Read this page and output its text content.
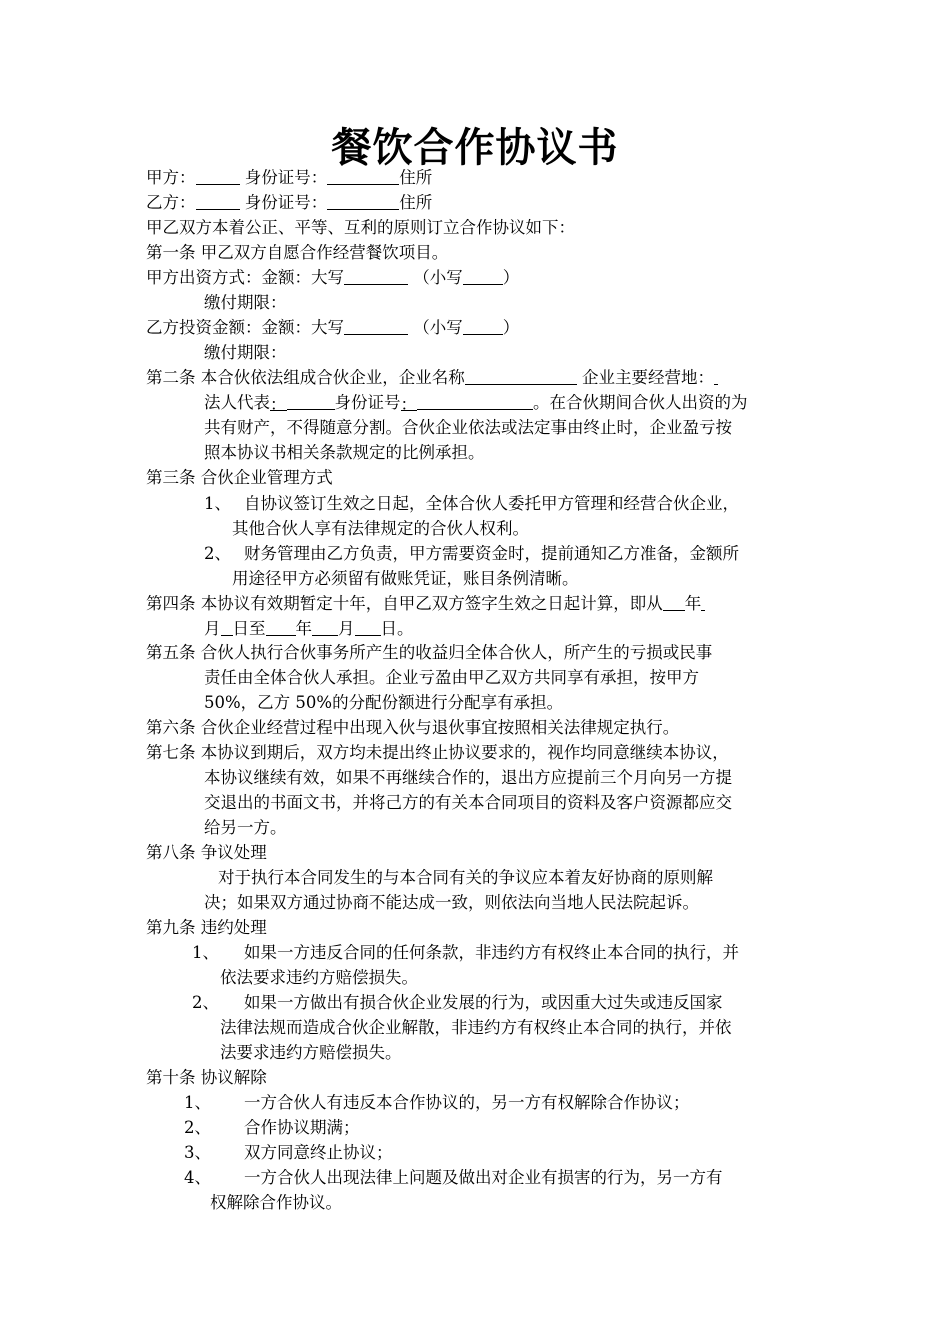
餐饮合作协议书
甲方：	身份证号：	住所
乙方：	身份证号：	住所
甲乙双方本着公正、平等、互利的原则订立合作协议如下：
第一条 甲乙双方自愿合作经营餐饮项目。
甲方出资方式：金额：大写	（小写 ）
缴付期限：
乙方投资金额：金额：大写	（小写 ）
缴付期限：
第二条 本合伙依法组成合伙企业，企业名称	企业主要经营地：
法人代表：	身份证号：	。在合伙期间合伙人出资的为
共有财产，不得随意分割。合伙企业依法或法定事由终止时，企业盈亏按
照本协议书相关条款规定的比例承担。
第三条 合伙企业管理方式
1、 自协议签订生效之日起，全体合伙人委托甲方管理和经营合伙企业，
其他合伙人享有法律规定的合伙人权利。
2、 财务管理由乙方负责，甲方需要资金时，提前通知乙方准备，金额所
用途径甲方必须留有做账凭证，账目条例清晰。
第四条 本协议有效期暂定十年，自甲乙双方签字生效之日起计算，即从 年
月 日至 年 月 日。
第五条 合伙人执行合伙事务所产生的收益归全体合伙人，所产生的亏损或民事
责任由全体合伙人承担。企业亏盈由甲乙双方共同享有承担，按甲方
50%，乙方 50%的分配份额进行分配享有承担。
第六条 合伙企业经营过程中出现入伙与退伙事宜按照相关法律规定执行。
第七条 本协议到期后，双方均未提出终止协议要求的，视作均同意继续本协议，
本协议继续有效，如果不再继续合作的，退出方应提前三个月向另一方提
交退出的书面文书，并将己方的有关本合同项目的资料及客户资源都应交
给另一方。
第八条 争议处理
对于执行本合同发生的与本合同有关的争议应本着友好协商的原则解
决；如果双方通过协商不能达成一致，则依法向当地人民法院起诉。
第九条 违约处理
1、 如果一方违反合同的任何条款，非违约方有权终止本合同的执行，并
依法要求违约方赔偿损失。
2、 如果一方做出有损合伙企业发展的行为，或因重大过失或违反国家
法律法规而造成合伙企业解散，非违约方有权终止本合同的执行，并依
法要求违约方赔偿损失。
第十条 协议解除
1、 一方合伙人有违反本合作协议的，另一方有权解除合作协议；
2、 合作协议期满；
3、 双方同意终止协议；
4、 一方合伙人出现法律上问题及做出对企业有损害的行为，另一方有
权解除合作协议。
